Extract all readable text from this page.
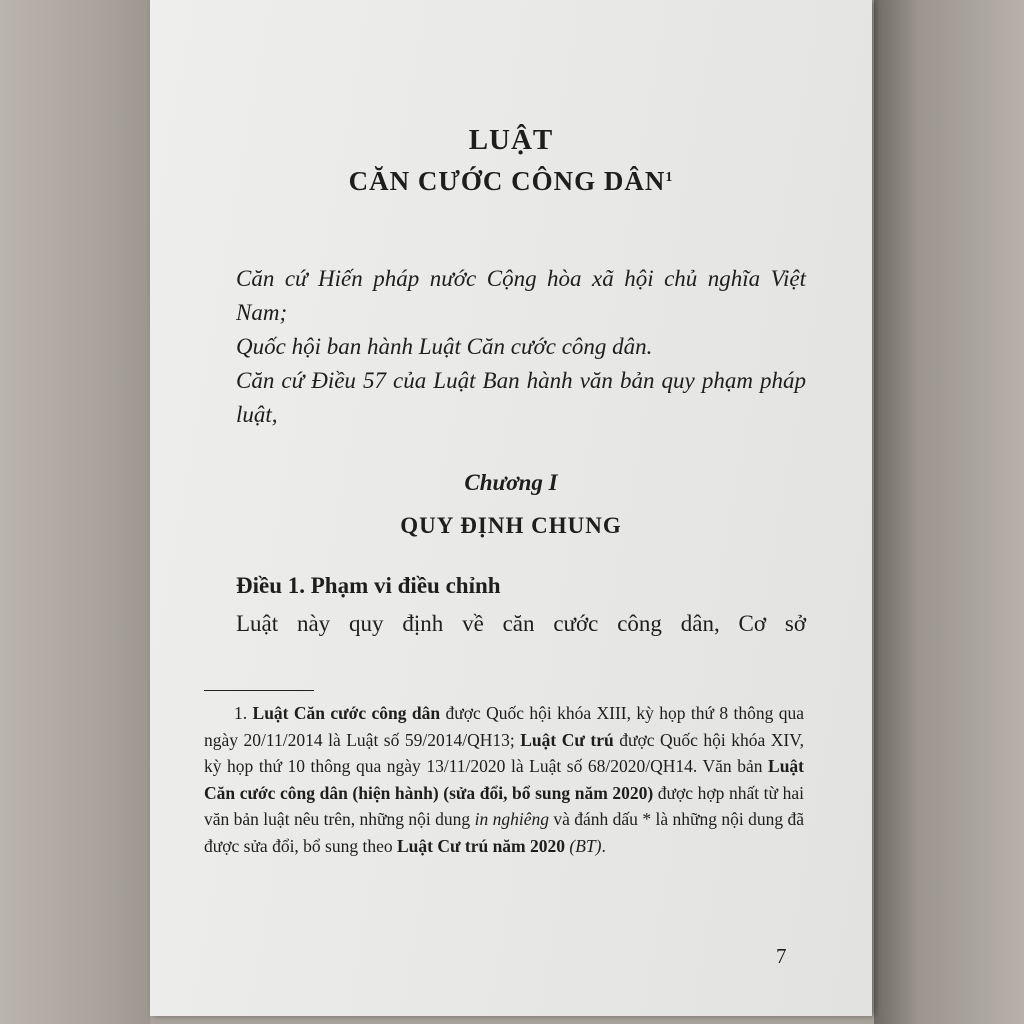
LUẬT
CĂN CƯỚC CÔNG DÂN$^1$

Căn cứ Hiến pháp nước Cộng hòa xã hội chủ nghĩa Việt Nam;

Quốc hội ban hành Luật Căn cước công dân.

Căn cứ Điều 57 của Luật Ban hành văn bản quy phạm pháp luật,

Chương I
QUY ĐỊNH CHUNG
Điều 1. Phạm vi điều chỉnh
Luật này quy định về căn cước công dân, Cơ sở
1. Luật Căn cước công dân được Quốc hội khóa XIII, kỳ họp thứ 8 thông qua ngày 20/11/2014 là Luật số 59/2014/QH13; Luật Cư trú được Quốc hội khóa XIV, kỳ họp thứ 10 thông qua ngày 13/11/2020 là Luật số 68/2020/QH14. Văn bản Luật Căn cước công dân (hiện hành) (sửa đổi, bổ sung năm 2020) được hợp nhất từ hai văn bản luật nêu trên, những nội dung in nghiêng và đánh dấu * là những nội dung đã được sửa đổi, bổ sung theo Luật Cư trú năm 2020 (BT).
7
